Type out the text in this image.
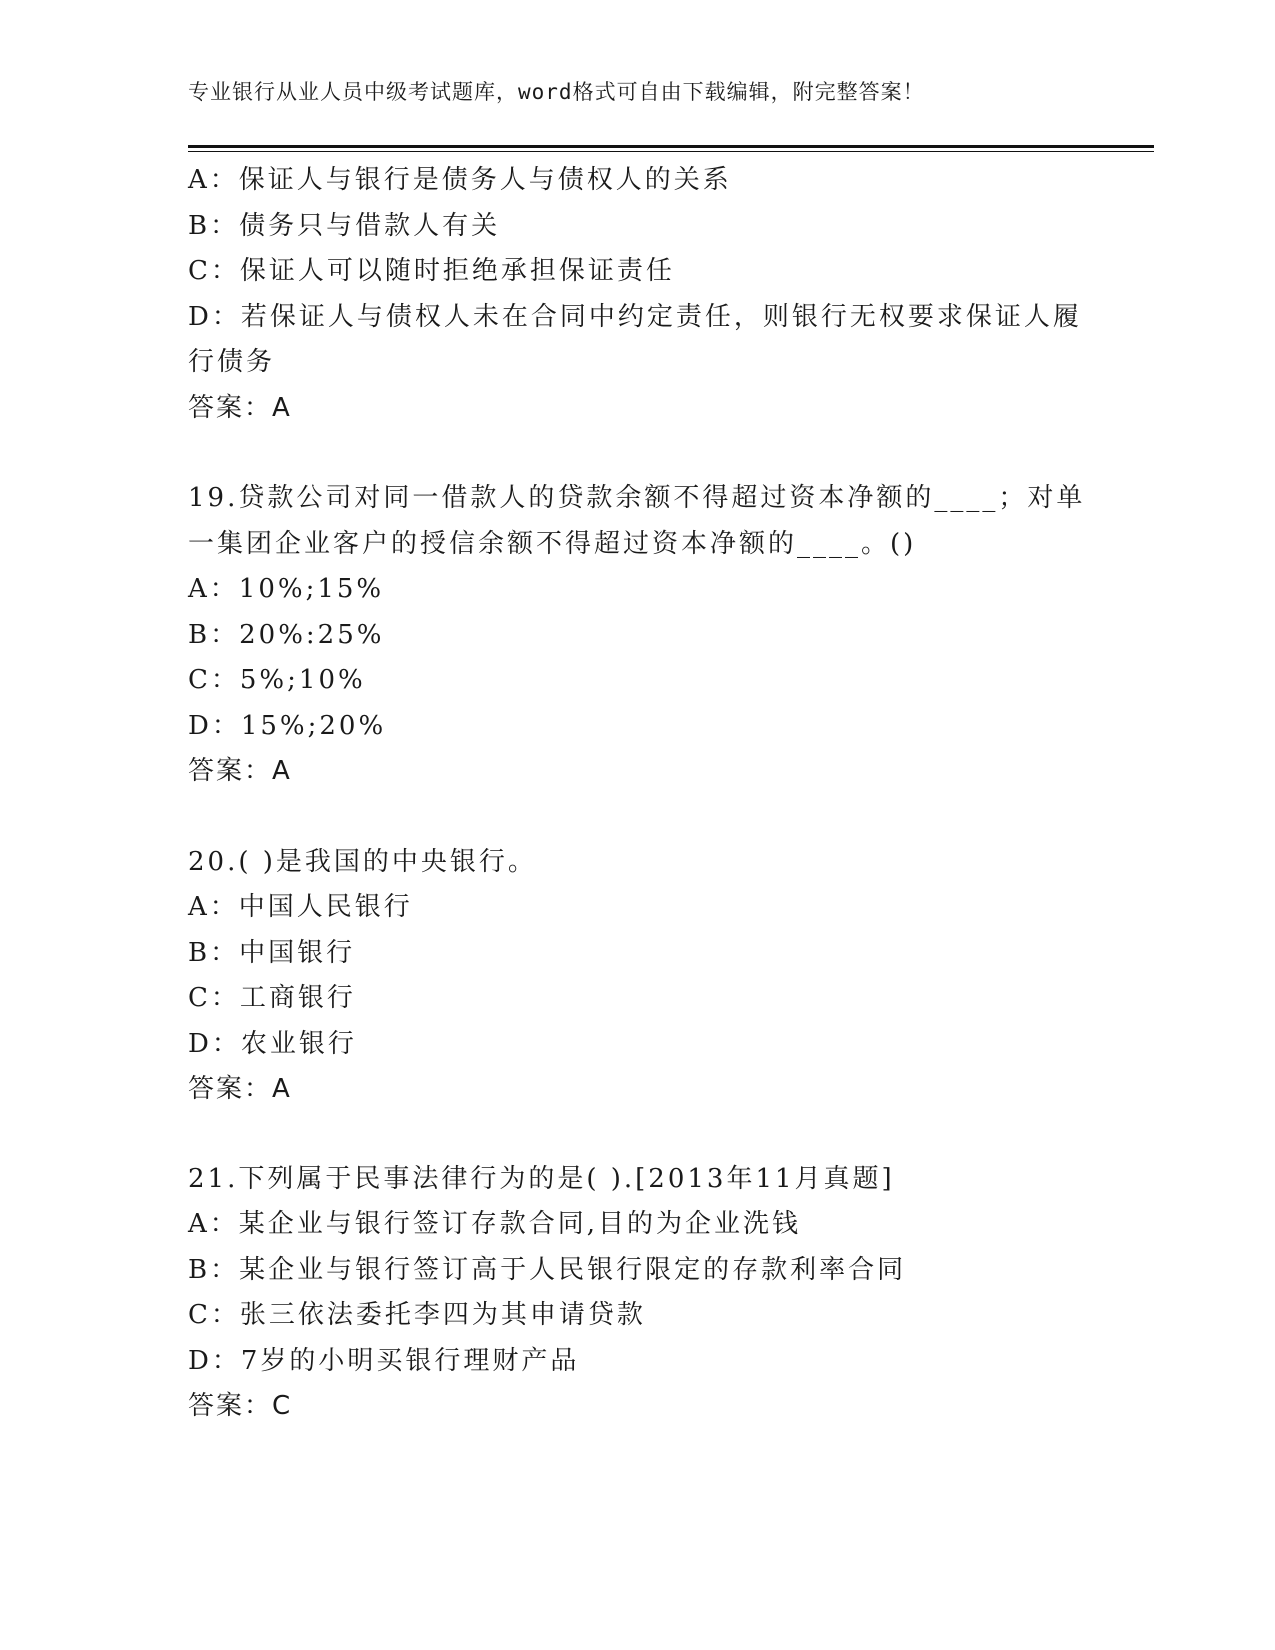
专业银行从业人员中级考试题库，word格式可自由下载编辑，附完整答案！
A：保证人与银行是债务人与债权人的关系
B：债务只与借款人有关
C：保证人可以随时拒绝承担保证责任
D：若保证人与债权人未在合同中约定责任，则银行无权要求保证人履
行债务
答案：A
19.贷款公司对同一借款人的贷款余额不得超过资本净额的____；对单
一集团企业客户的授信余额不得超过资本净额的____。()
A：10%;15%
B：20%:25%
C：5%;10%
D：15%;20%
答案：A
20.( )是我国的中央银行。
A：中国人民银行
B：中国银行
C：工商银行
D：农业银行
答案：A
21.下列属于民事法律行为的是( ).[2013年11月真题]
A：某企业与银行签订存款合同,目的为企业洗钱
B：某企业与银行签订高于人民银行限定的存款利率合同
C：张三依法委托李四为其申请贷款
D：7岁的小明买银行理财产品
答案：C
